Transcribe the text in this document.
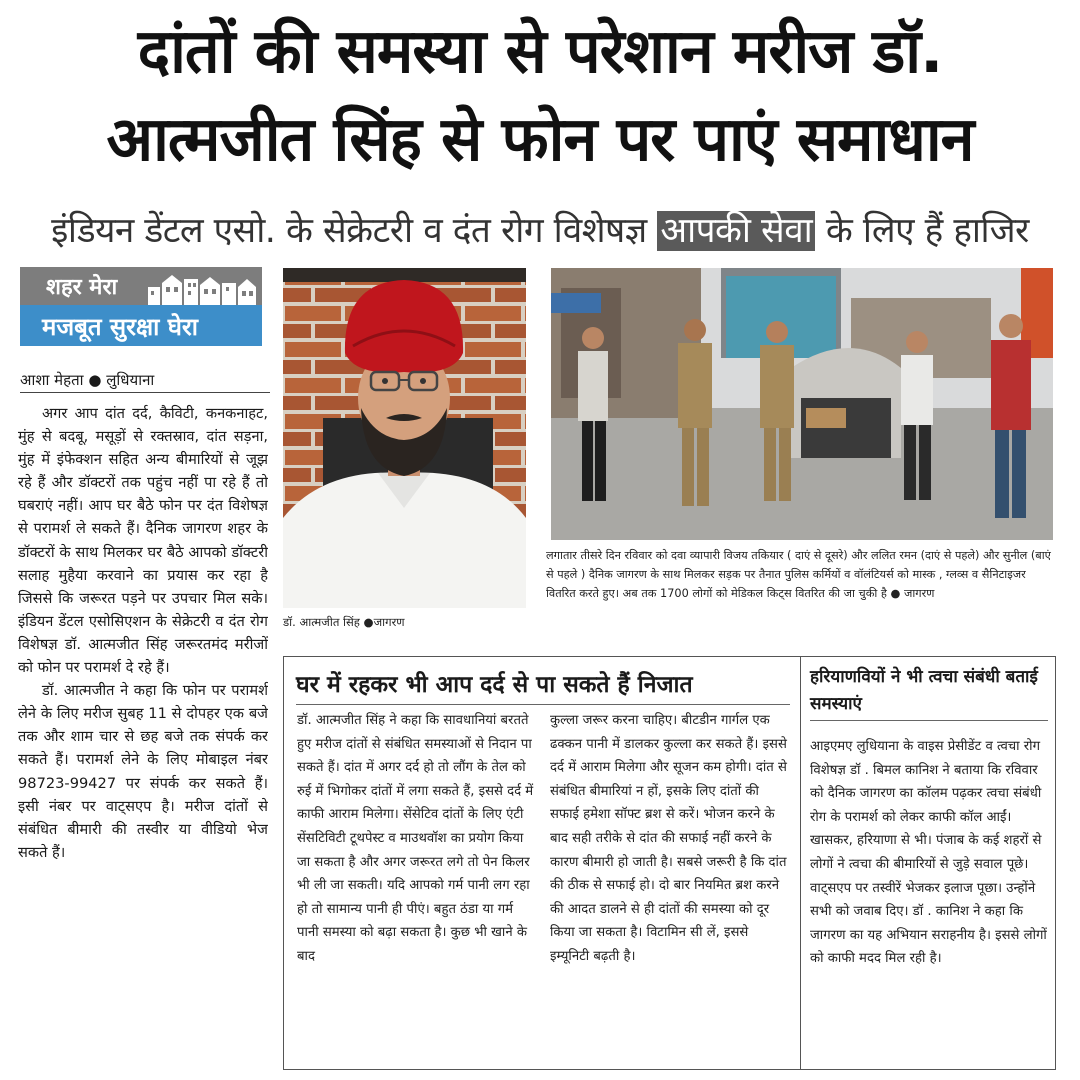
दांतों की समस्या से परेशान मरीज डॉ.
आत्मजीत सिंह से फोन पर पाएं समाधान
इंडियन डेंटल एसो. के सेक्रेटरी व दंत रोग विशेषज्ञ आपकी सेवा के लिए हैं हाजिर
शहर मेरा
मजबूत सुरक्षा घेरा
आशा मेहता ● लुधियाना

अगर आप दांत दर्द, कैविटी, कनकनाहट, मुंह से बदबू, मसूड़ों से रक्तस्राव, दांत सड़ना, मुंह में इंफेक्शन सहित अन्य बीमारियों से जूझ रहे हैं और डॉक्टरों तक पहुंच नहीं पा रहे हैं तो घबराएं नहीं। आप घर बैठे फोन पर दंत विशेषज्ञ से परामर्श ले सकते हैं। दैनिक जागरण शहर के डॉक्टरों के साथ मिलकर घर बैठे आपको डॉक्टरी सलाह मुहैया करवाने का प्रयास कर रहा है जिससे कि जरूरत पड़ने पर उपचार मिल सके। इंडियन डेंटल एसोसिएशन के सेक्रेटरी व दंत रोग विशेषज्ञ डॉ. आत्मजीत सिंह जरूरतमंद मरीजों को फोन पर परामर्श दे रहे हैं।

डॉ. आत्मजीत ने कहा कि फोन पर परामर्श लेने के लिए मरीज सुबह 11 से दोपहर एक बजे तक और शाम चार से छह बजे तक संपर्क कर सकते हैं। परामर्श लेने के लिए मोबाइल नंबर 98723-99427 पर संपर्क कर सकते हैं। इसी नंबर पर वाट्सएप है। मरीज दांतों से संबंधित बीमारी की तस्वीर या वीडियो भेज सकते हैं।

डॉ. आत्मजीत सिंह ●जागरण
लगातार तीसरे दिन रविवार को दवा व्यापारी विजय तकियार ( दाएं से दूसरे) और ललित रमन (दाएं से पहले) और सुनील (बाएं से पहले ) दैनिक जागरण के साथ मिलकर सड़क पर तैनात पुलिस कर्मियों व वॉलंटियर्स को मास्क , ग्लव्स व सैनिटाइजर वितरित करते हुए। अब तक 1700 लोगों को मेडिकल किट्स वितरित की जा चुकी है ● जागरण
घर में रहकर भी आप दर्द से पा सकते हैं निजात
डॉ. आत्मजीत सिंह ने कहा कि सावधानियां बरतते हुए मरीज दांतों से संबंधित समस्याओं से निदान पा सकते हैं। दांत में अगर दर्द हो तो लौंग के तेल को रुई में भिगोकर दांतों में लगा सकते हैं, इससे दर्द में काफी आराम मिलेगा। सेंसेटिव दांतों के लिए एंटी सेंसटिविटी टूथपेस्ट व माउथवॉश का प्रयोग किया जा सकता है और अगर जरूरत लगे तो पेन किलर भी ली जा सकती। यदि आपको गर्म पानी लग रहा हो तो सामान्य पानी ही पीएं। बहुत ठंडा या गर्म पानी समस्या को बढ़ा सकता है। कुछ भी खाने के बाद
कुल्ला जरूर करना चाहिए। बीटडीन गार्गल एक ढक्कन पानी में डालकर कुल्ला कर सकते हैं। इससे दर्द में आराम मिलेगा और सूजन कम होगी। दांत से संबंधित बीमारियां न हों, इसके लिए दांतों की सफाई हमेशा सॉफ्ट ब्रश से करें। भोजन करने के बाद सही तरीके से दांत की सफाई नहीं करने के कारण बीमारी हो जाती है। सबसे जरूरी है कि दांत की ठीक से सफाई हो। दो बार नियमित ब्रश करने की आदत डालने से ही दांतों की समस्या को दूर किया जा सकता है। विटामिन सी लें, इससे इम्यूनिटी बढ़ती है।
हरियाणवियों ने भी त्वचा संबंधी बताई समस्याएं
आइएमए लुधियाना के वाइस प्रेसीडेंट व त्वचा रोग विशेषज्ञ डॉ . बिमल कानिश ने बताया कि रविवार को दैनिक जागरण का कॉलम पढ़कर त्वचा संबंधी रोग के परामर्श को लेकर काफी कॉल आईं। खासकर, हरियाणा से भी। पंजाब के कई शहरों से लोगों ने त्वचा की बीमारियों से जुड़े सवाल पूछे। वाट्सएप पर तस्वीरें भेजकर इलाज पूछा। उन्होंने सभी को जवाब दिए। डॉ . कानिश ने कहा कि जागरण का यह अभियान सराहनीय है। इससे लोगों को काफी मदद मिल रही है।
